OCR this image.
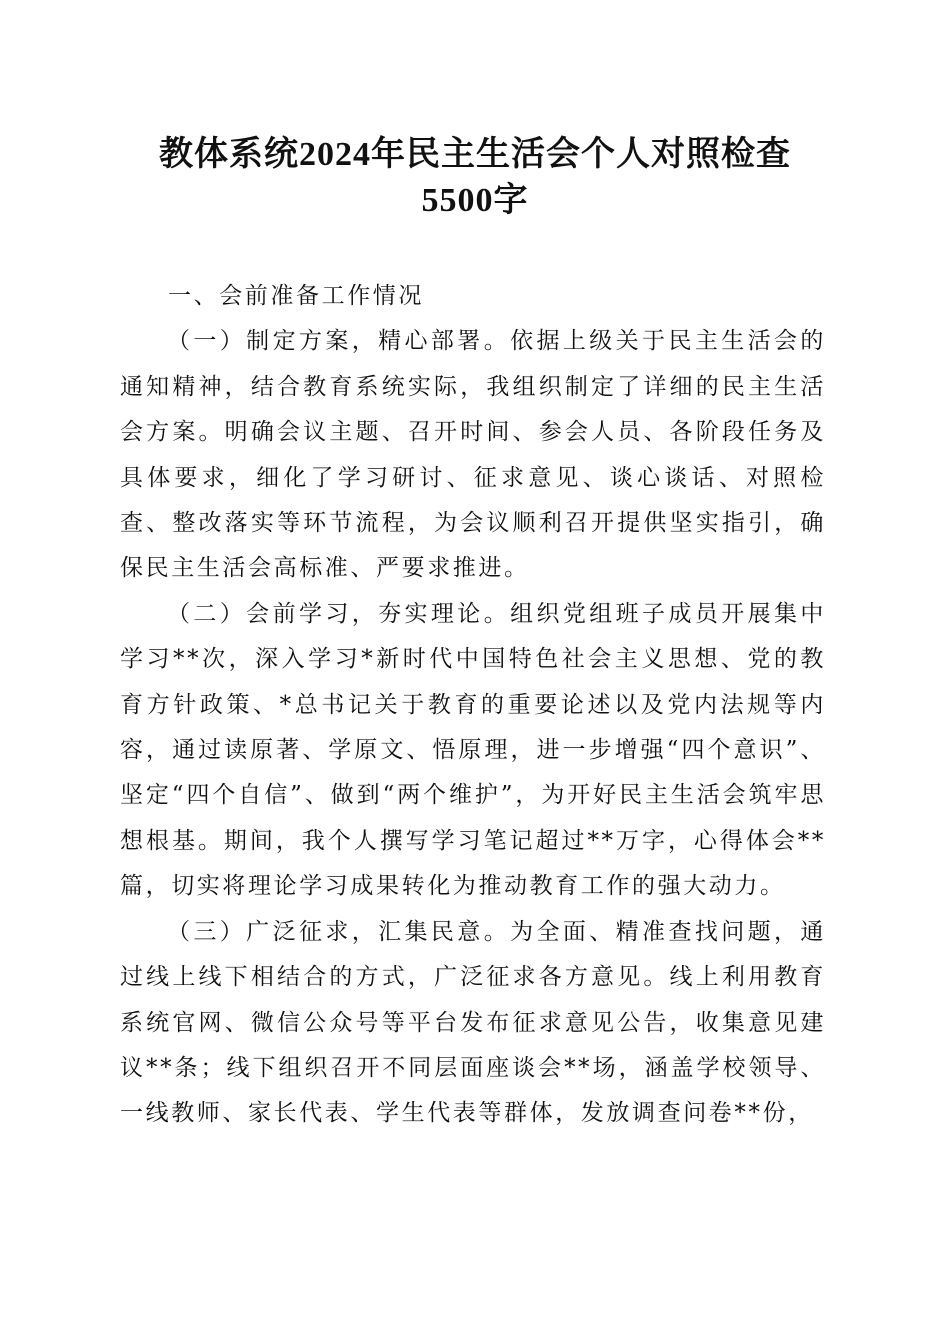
教体系统2024年民主生活会个人对照检查
5500字
一、会前准备工作情况

（一）制定方案，精心部署。依据上级关于民主生活会的通知精神，结合教育系统实际，我组织制定了详细的民主生活会方案。明确会议主题、召开时间、参会人员、各阶段任务及具体要求，细化了学习研讨、征求意见、谈心谈话、对照检查、整改落实等环节流程，为会议顺利召开提供坚实指引，确保民主生活会高标准、严要求推进。

（二）会前学习，夯实理论。组织党组班子成员开展集中学习**次，深入学习*新时代中国特色社会主义思想、党的教育方针政策、*总书记关于教育的重要论述以及党内法规等内容，通过读原著、学原文、悟原理，进一步增强“四个意识”、坚定“四个自信”、做到“两个维护”，为开好民主生活会筑牢思想根基。期间，我个人撰写学习笔记超过**万字，心得体会**篇，切实将理论学习成果转化为推动教育工作的强大动力。

（三）广泛征求，汇集民意。为全面、精准查找问题，通过线上线下相结合的方式，广泛征求各方意见。线上利用教育系统官网、微信公众号等平台发布征求意见公告，收集意见建议**条；线下组织召开不同层面座谈会**场，涵盖学校领导、一线教师、家长代表、学生代表等群体，发放调查问卷**份，
